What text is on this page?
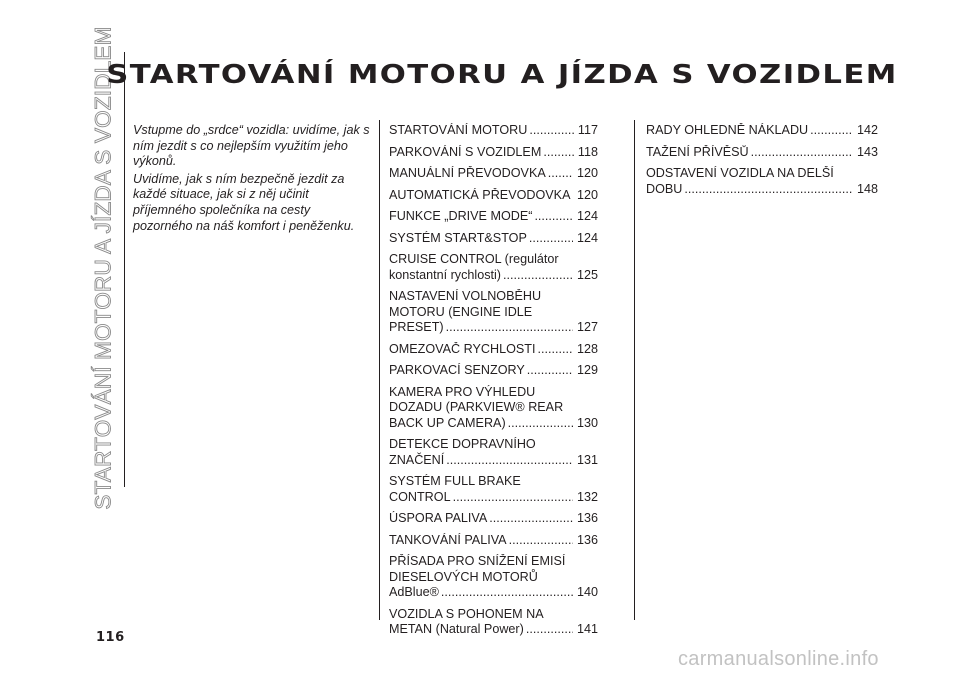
STARTOVÁNÍ MOTORU A JÍZDA S VOZIDLEM
STARTOVÁNÍ MOTORU A JÍZDA S VOZIDLEM

Vstupme do „srdce“ vozidla: uvidíme, jak s ním jezdit s co nejlepším využitím jeho výkonů.

Uvidíme, jak s ním bezpečně jezdit za každé situace, jak si z něj učinit příjemného společníka na cesty pozorného na náš komfort i peněženku.

STARTOVÁNÍ MOTORU .....	117
PARKOVÁNÍ S VOZIDLEM .....	118
MANUÁLNÍ PŘEVODOVKA .....	120
AUTOMATICKÁ PŘEVODOVKA ..... 120
FUNKCE „DRIVE MODE“ .....	124
SYSTÉM START&STOP .....	124
CRUISE CONTROL (regulátor konstantní rychlosti) .....	125
NASTAVENÍ VOLNOBĚHU MOTORU (ENGINE IDLE PRESET) .....	127
OMEZOVAČ RYCHLOSTI .....	128
PARKOVACÍ SENZORY .....	129
KAMERA PRO VÝHLEDU DOZADU (PARKVIEW® REAR BACK UP CAMERA) .....	130
DETEKCE DOPRAVNÍHO ZNAČENÍ .....	131
SYSTÉM FULL BRAKE CONTROL .....	132
ÚSPORA PALIVA .....	136
TANKOVÁNÍ PALIVA .....	136
PŘÍSADA PRO SNÍŽENÍ EMISÍ DIESELOVÝCH MOTORŮ AdBlue® .....	140
VOZIDLA S POHONEM NA METAN (Natural Power) .....	141
RADY OHLEDNĚ NÁKLADU .....	142
TAŽENÍ PŘÍVĚSŮ .....	143
ODSTAVENÍ VOZIDLA NA DELŠÍ DOBU .....	148
116
carmanualsonline.info
